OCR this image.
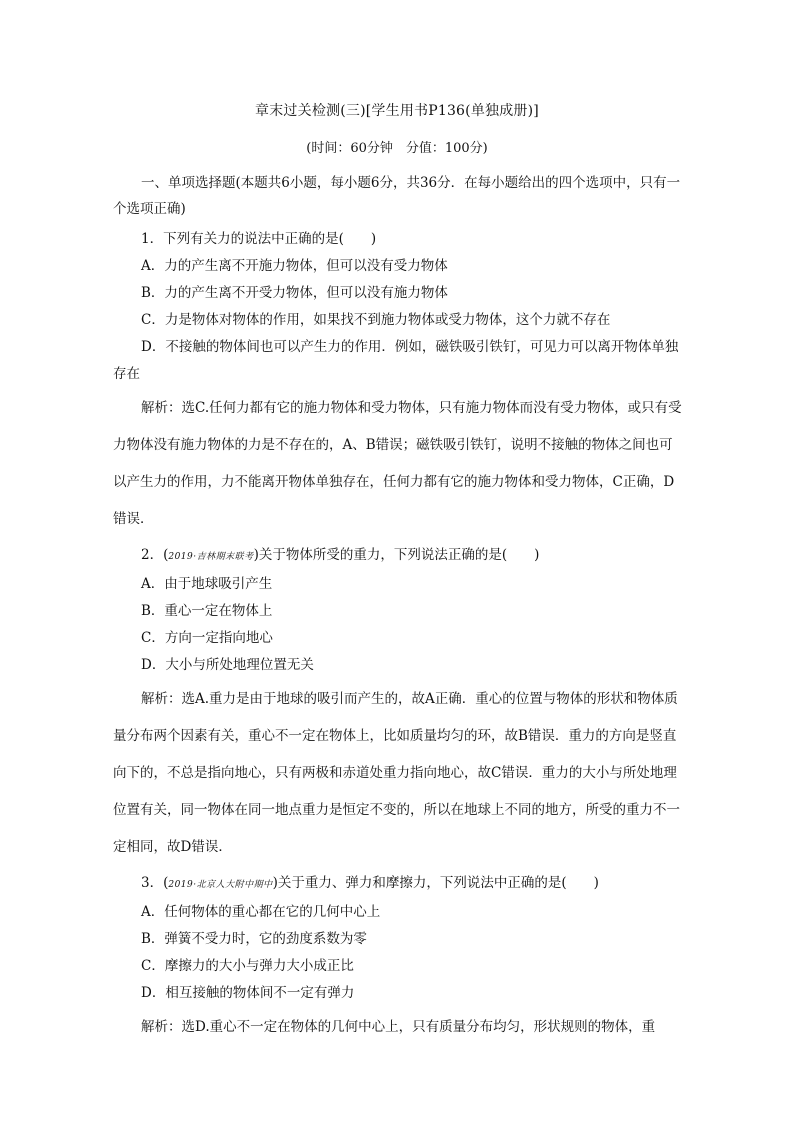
章末过关检测(三)[学生用书P136(单独成册)]
(时间：60分钟　分值：100分)

一、单项选择题(本题共6小题，每小题6分，共36分．在每小题给出的四个选项中，只有一个选项正确)

1．下列有关力的说法中正确的是(　　)

A．力的产生离不开施力物体，但可以没有受力物体

B．力的产生离不开受力物体，但可以没有施力物体

C．力是物体对物体的作用，如果找不到施力物体或受力物体，这个力就不存在

D．不接触的物体间也可以产生力的作用．例如，磁铁吸引铁钉，可见力可以离开物体单独存在

解析：选C.任何力都有它的施力物体和受力物体，只有施力物体而没有受力物体，或只有受力物体没有施力物体的力是不存在的，A、B错误；磁铁吸引铁钉，说明不接触的物体之间也可以产生力的作用，力不能离开物体单独存在，任何力都有它的施力物体和受力物体，C正确，D错误．

2．(2019·吉林期末联考)关于物体所受的重力，下列说法正确的是(　　)

A．由于地球吸引产生

B．重心一定在物体上

C．方向一定指向地心

D．大小与所处地理位置无关

解析：选A.重力是由于地球的吸引而产生的，故A正确．重心的位置与物体的形状和物体质量分布两个因素有关，重心不一定在物体上，比如质量均匀的环，故B错误．重力的方向是竖直向下的，不总是指向地心，只有两极和赤道处重力指向地心，故C错误．重力的大小与所处地理位置有关，同一物体在同一地点重力是恒定不变的，所以在地球上不同的地方，所受的重力不一定相同，故D错误．

3．(2019·北京人大附中期中)关于重力、弹力和摩擦力，下列说法中正确的是(　　)

A．任何物体的重心都在它的几何中心上

B．弹簧不受力时，它的劲度系数为零

C．摩擦力的大小与弹力大小成正比

D．相互接触的物体间不一定有弹力

解析：选D.重心不一定在物体的几何中心上，只有质量分布均匀，形状规则的物体，重
